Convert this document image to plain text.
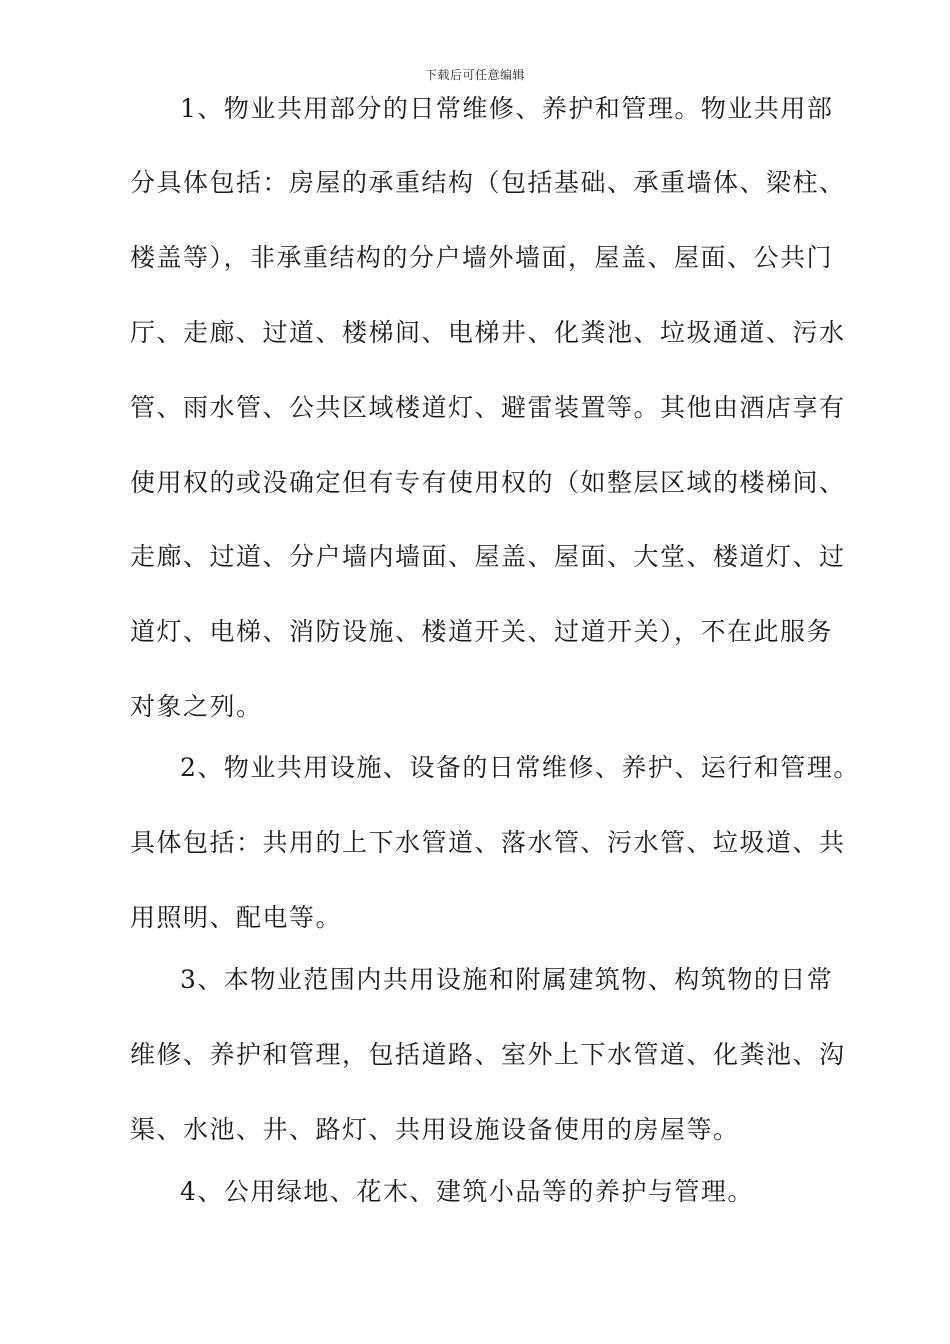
下载后可任意编辑
1、物业共用部分的日常维修、养护和管理。物业共用部
分具体包括：房屋的承重结构（包括基础、承重墙体、梁柱、
楼盖等），非承重结构的分户墙外墙面，屋盖、屋面、公共门
厅、走廊、过道、楼梯间、电梯井、化粪池、垃圾通道、污水
管、雨水管、公共区域楼道灯、避雷装置等。其他由酒店享有
使用权的或没确定但有专有使用权的（如整层区域的楼梯间、
走廊、过道、分户墙内墙面、屋盖、屋面、大堂、楼道灯、过
道灯、电梯、消防设施、楼道开关、过道开关），不在此服务
对象之列。
2、物业共用设施、设备的日常维修、养护、运行和管理。
具体包括：共用的上下水管道、落水管、污水管、垃圾道、共
用照明、配电等。
3、本物业范围内共用设施和附属建筑物、构筑物的日常
维修、养护和管理，包括道路、室外上下水管道、化粪池、沟
渠、水池、井、路灯、共用设施设备使用的房屋等。
4、公用绿地、花木、建筑小品等的养护与管理。
